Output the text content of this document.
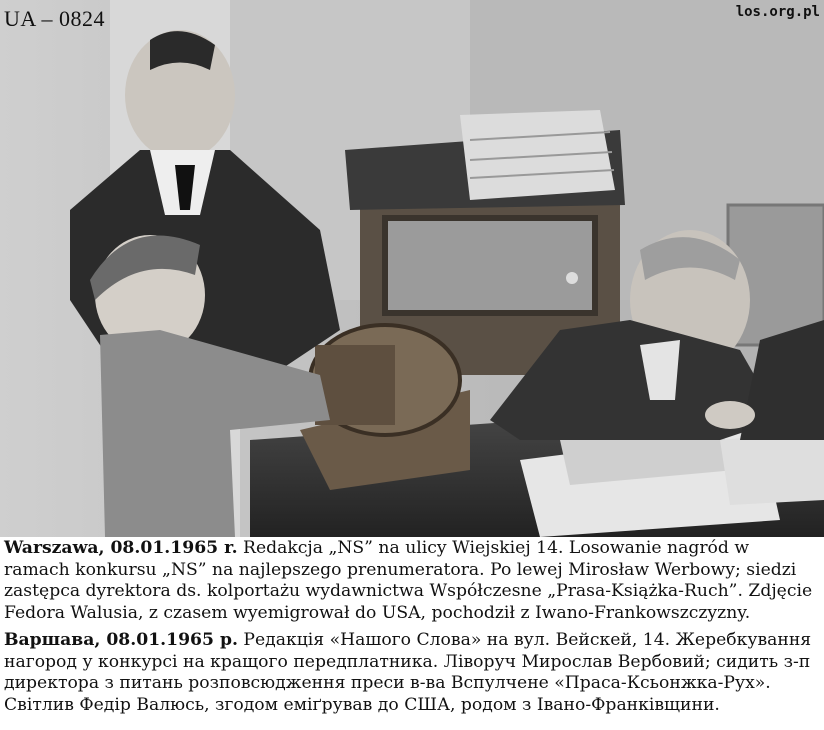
UA – 0824	los.org.pl
Warszawa, 08.01.1965 r. Redakcja „NS” na ulicy Wiejskiej 14. Losowanie nagród w
ramach konkursu „NS” na najlepszego prenumeratora. Po lewej Mirosław Werbowy; siedzi
zastępca dyrektora ds. kolportażu wydawnictwa Współczesne „Prasa-Książka-Ruch”. Zdjęcie
Fedora Walusia, z czasem wyemigrował do USA, pochodził z Iwano-Frankowszczyzny.
Варшава, 08.01.1965 р. Редакція «Нашого Слова» на вул. Вейскей, 14. Жеребкування
нагород у конкурсі на кращого передплатника. Ліворуч Мирослав Вербовий; сидить з-п
директора з питань розповсюдження преси в-ва Вспулчене «Праса-Ксьонжка-Рух».
Світлив Федір Валюсь, згодом еміґрував до США, родом з Івано-Франківщини.
